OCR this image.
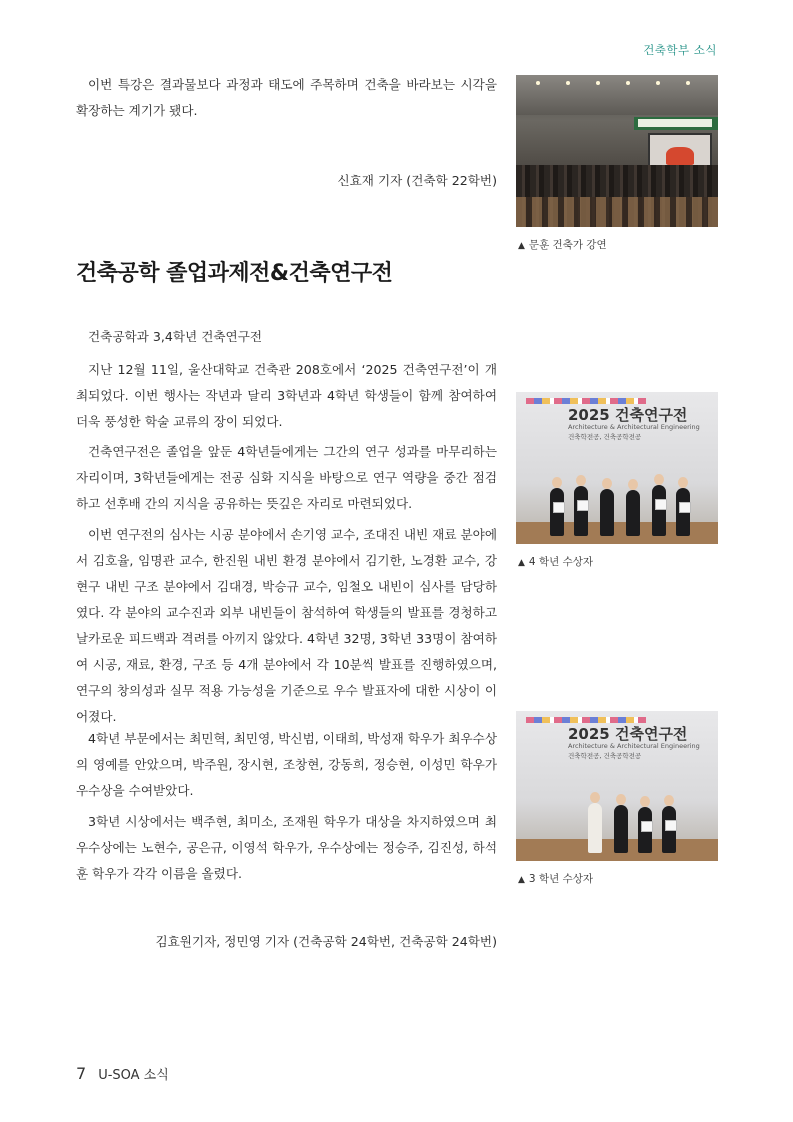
건축학부 소식
이번 특강은 결과물보다 과정과 태도에 주목하며 건축을 바라보는 시각을 확장하는 계기가 됐다.
신효재 기자 (건축학 22학번)
▲ 문훈 건축가 강연
건축공학 졸업과제전&건축연구전
건축공학과 3,4학년 건축연구전
지난 12월 11일, 울산대학교 건축관 208호에서 ‘2025 건축연구전’이 개최되었다. 이번 행사는 작년과 달리 3학년과 4학년 학생들이 함께 참여하여 더욱 풍성한 학술 교류의 장이 되었다.
건축연구전은 졸업을 앞둔 4학년들에게는 그간의 연구 성과를 마무리하는 자리이며, 3학년들에게는 전공 심화 지식을 바탕으로 연구 역량을 중간 점검하고 선후배 간의 지식을 공유하는 뜻깊은 자리로 마련되었다.
이번 연구전의 심사는 시공 분야에서 손기영 교수, 조대진 내빈 재료 분야에서 김호율, 임명관 교수, 한진원 내빈 환경 분야에서 김기한, 노경환 교수, 강현구 내빈 구조 분야에서 김대경, 박승규 교수, 임철오 내빈이 심사를 담당하였다. 각 분야의 교수진과 외부 내빈들이 참석하여 학생들의 발표를 경청하고 날카로운 피드백과 격려를 아끼지 않았다. 4학년 32명, 3학년 33명이 참여하여 시공, 재료, 환경, 구조 등 4개 분야에서 각 10분씩 발표를 진행하였으며, 연구의 창의성과 실무 적용 가능성을 기준으로 우수 발표자에 대한 시상이 이어졌다.
4학년 부문에서는 최민혁, 최민영, 박신범, 이태희, 박성재 학우가 최우수상의 영예를 안았으며, 박주원, 장시현, 조창현, 강동희, 정승현, 이성민 학우가 우수상을 수여받았다.
3학년 시상에서는 백주현, 최미소, 조재원 학우가 대상을 차지하였으며 최우수상에는 노현수, 공은규, 이영석 학우가, 우수상에는 정승주, 김진성, 하석훈 학우가 각각 이름을 올렸다.
김효원기자, 정민영 기자 (건축공학 24학번, 건축공학 24학번)
2025 건축연구전
Architecture & Architectural Engineering
건축학전공, 건축공학전공
▲ 4 학년 수상자
2025 건축연구전
Architecture & Architectural Engineering
건축학전공, 건축공학전공
▲ 3 학년 수상자
7 U-SOA 소식
